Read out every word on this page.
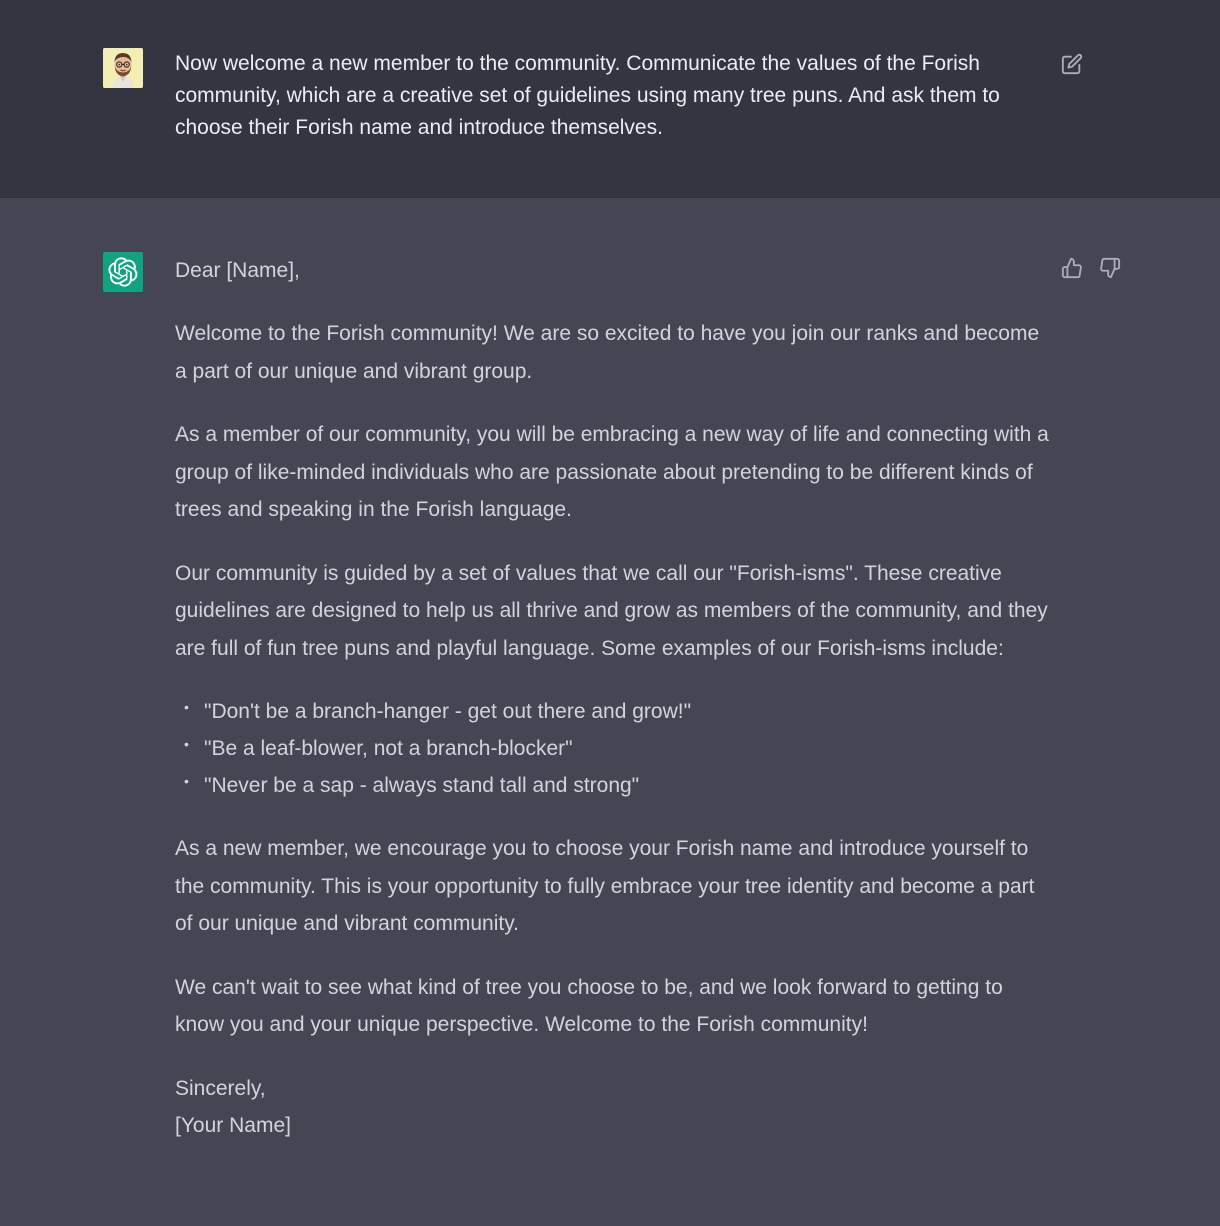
Now welcome a new member to the community. Communicate the values of the Forish community, which are a creative set of guidelines using many tree puns. And ask them to choose their Forish name and introduce themselves.

Dear [Name],

Welcome to the Forish community! We are so excited to have you join our ranks and become a part of our unique and vibrant group.

As a member of our community, you will be embracing a new way of life and connecting with a group of like-minded individuals who are passionate about pretending to be different kinds of trees and speaking in the Forish language.

Our community is guided by a set of values that we call our "Forish-isms". These creative guidelines are designed to help us all thrive and grow as members of the community, and they are full of fun tree puns and playful language. Some examples of our Forish-isms include:

• "Don't be a branch-hanger - get out there and grow!"
• "Be a leaf-blower, not a branch-blocker"
• "Never be a sap - always stand tall and strong"

As a new member, we encourage you to choose your Forish name and introduce yourself to the community. This is your opportunity to fully embrace your tree identity and become a part of our unique and vibrant community.

We can't wait to see what kind of tree you choose to be, and we look forward to getting to know you and your unique perspective. Welcome to the Forish community!

Sincerely,
[Your Name]
